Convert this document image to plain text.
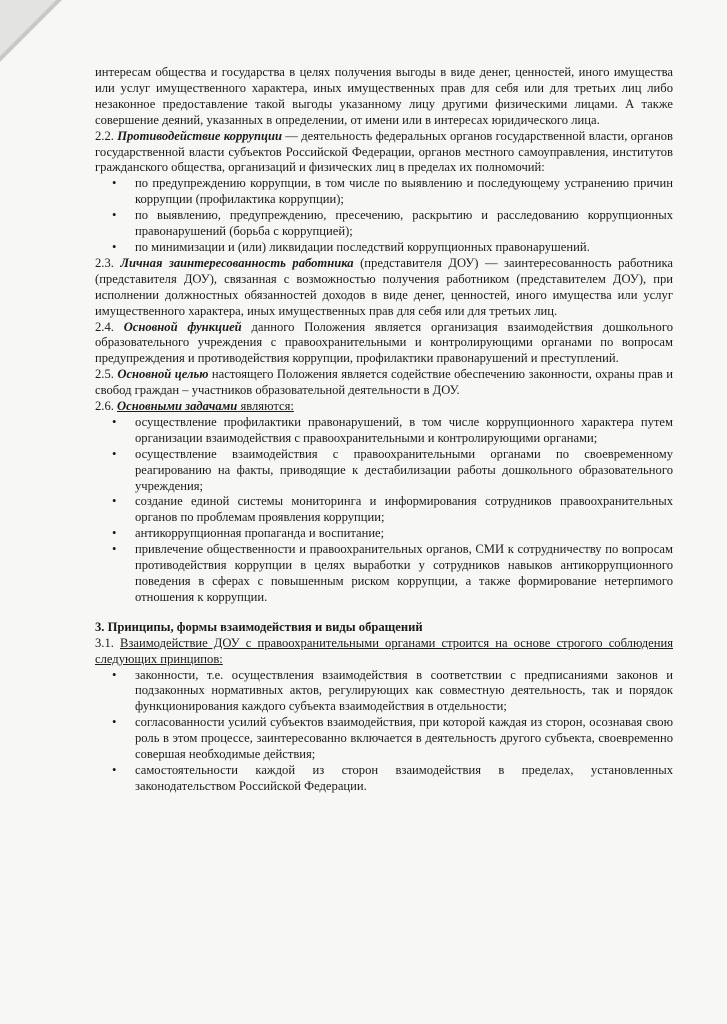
интересам общества и государства в целях получения выгоды в виде денег, ценностей, иного имущества или услуг имущественного характера, иных имущественных прав для себя или для третьих лиц либо незаконное предоставление такой выгоды указанному лицу другими физическими лицами. А также совершение деяний, указанных в определении, от имени или в интересах юридического лица.

2.2. Противодействие коррупции — деятельность федеральных органов государственной власти, органов государственной власти субъектов Российской Федерации, органов местного самоуправления, институтов гражданского общества, организаций и физических лиц в пределах их полномочий:

• по предупреждению коррупции, в том числе по выявлению и последующему устранению причин коррупции (профилактика коррупции);
• по выявлению, предупреждению, пресечению, раскрытию и расследованию коррупционных правонарушений (борьба с коррупцией);
• по минимизации и (или) ликвидации последствий коррупционных правонарушений.

2.3. Личная заинтересованность работника (представителя ДОУ) — заинтересованность работника (представителя ДОУ), связанная с возможностью получения работником (представителем ДОУ), при исполнении должностных обязанностей доходов в виде денег, ценностей, иного имущества или услуг имущественного характера, иных имущественных прав для себя или для третьих лиц.

2.4. Основной функцией данного Положения является организация взаимодействия дошкольного образовательного учреждения с правоохранительными и контролирующими органами по вопросам предупреждения и противодействия коррупции, профилактики правонарушений и преступлений.

2.5. Основной целью настоящего Положения является содействие обеспечению законности, охраны прав и свобод граждан – участников образовательной деятельности в ДОУ.

2.6. Основными задачами являются:

• осуществление профилактики правонарушений, в том числе коррупционного характера путем организации взаимодействия с правоохранительными и контролирующими органами;
• осуществление взаимодействия с правоохранительными органами по своевременному реагированию на факты, приводящие к дестабилизации работы дошкольного образовательного учреждения;
• создание единой системы мониторинга и информирования сотрудников правоохранительных органов по проблемам проявления коррупции;
• антикоррупционная пропаганда и воспитание;
• привлечение общественности и правоохранительных органов, СМИ к сотрудничеству по вопросам противодействия коррупции в целях выработки у сотрудников навыков антикоррупционного поведения в сферах с повышенным риском коррупции, а также формирование нетерпимого отношения к коррупции.

3. Принципы, формы взаимодействия и виды обращений

3.1. Взаимодействие ДОУ с правоохранительными органами строится на основе строгого соблюдения следующих принципов:

• законности, т.е. осуществления взаимодействия в соответствии с предписаниями законов и подзаконных нормативных актов, регулирующих как совместную деятельность, так и порядок функционирования каждого субъекта взаимодействия в отдельности;
• согласованности усилий субъектов взаимодействия, при которой каждая из сторон, осознавая свою роль в этом процессе, заинтересованно включается в деятельность другого субъекта, своевременно совершая необходимые действия;
• самостоятельности каждой из сторон взаимодействия в пределах, установленных законодательством Российской Федерации.
